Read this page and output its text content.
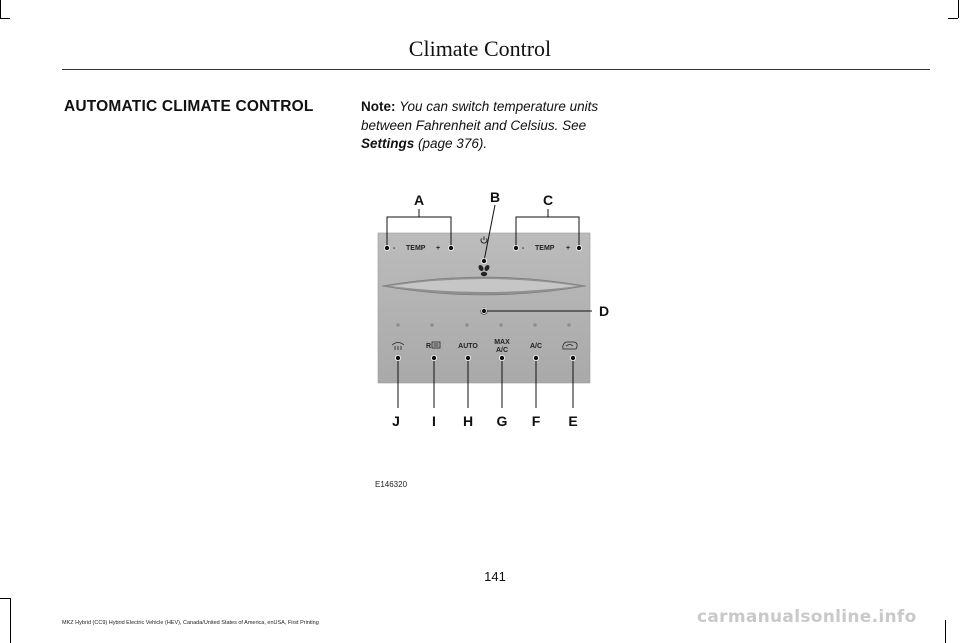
Climate Control
AUTOMATIC CLIMATE CONTROL	Note: You can switch temperature units between Fahrenheit and Celsius. See Settings (page 376).
- TEMP +	- TEMP +
AUTO
MAX
A/C
A/C
R
A	B	C
D
J I H G F E
E146320
141
MKZ Hybrid (CC9) Hybrid Electric Vehicle (HEV), Canada/United States of America, enUSA, First Printing	carmanualsonline.info
